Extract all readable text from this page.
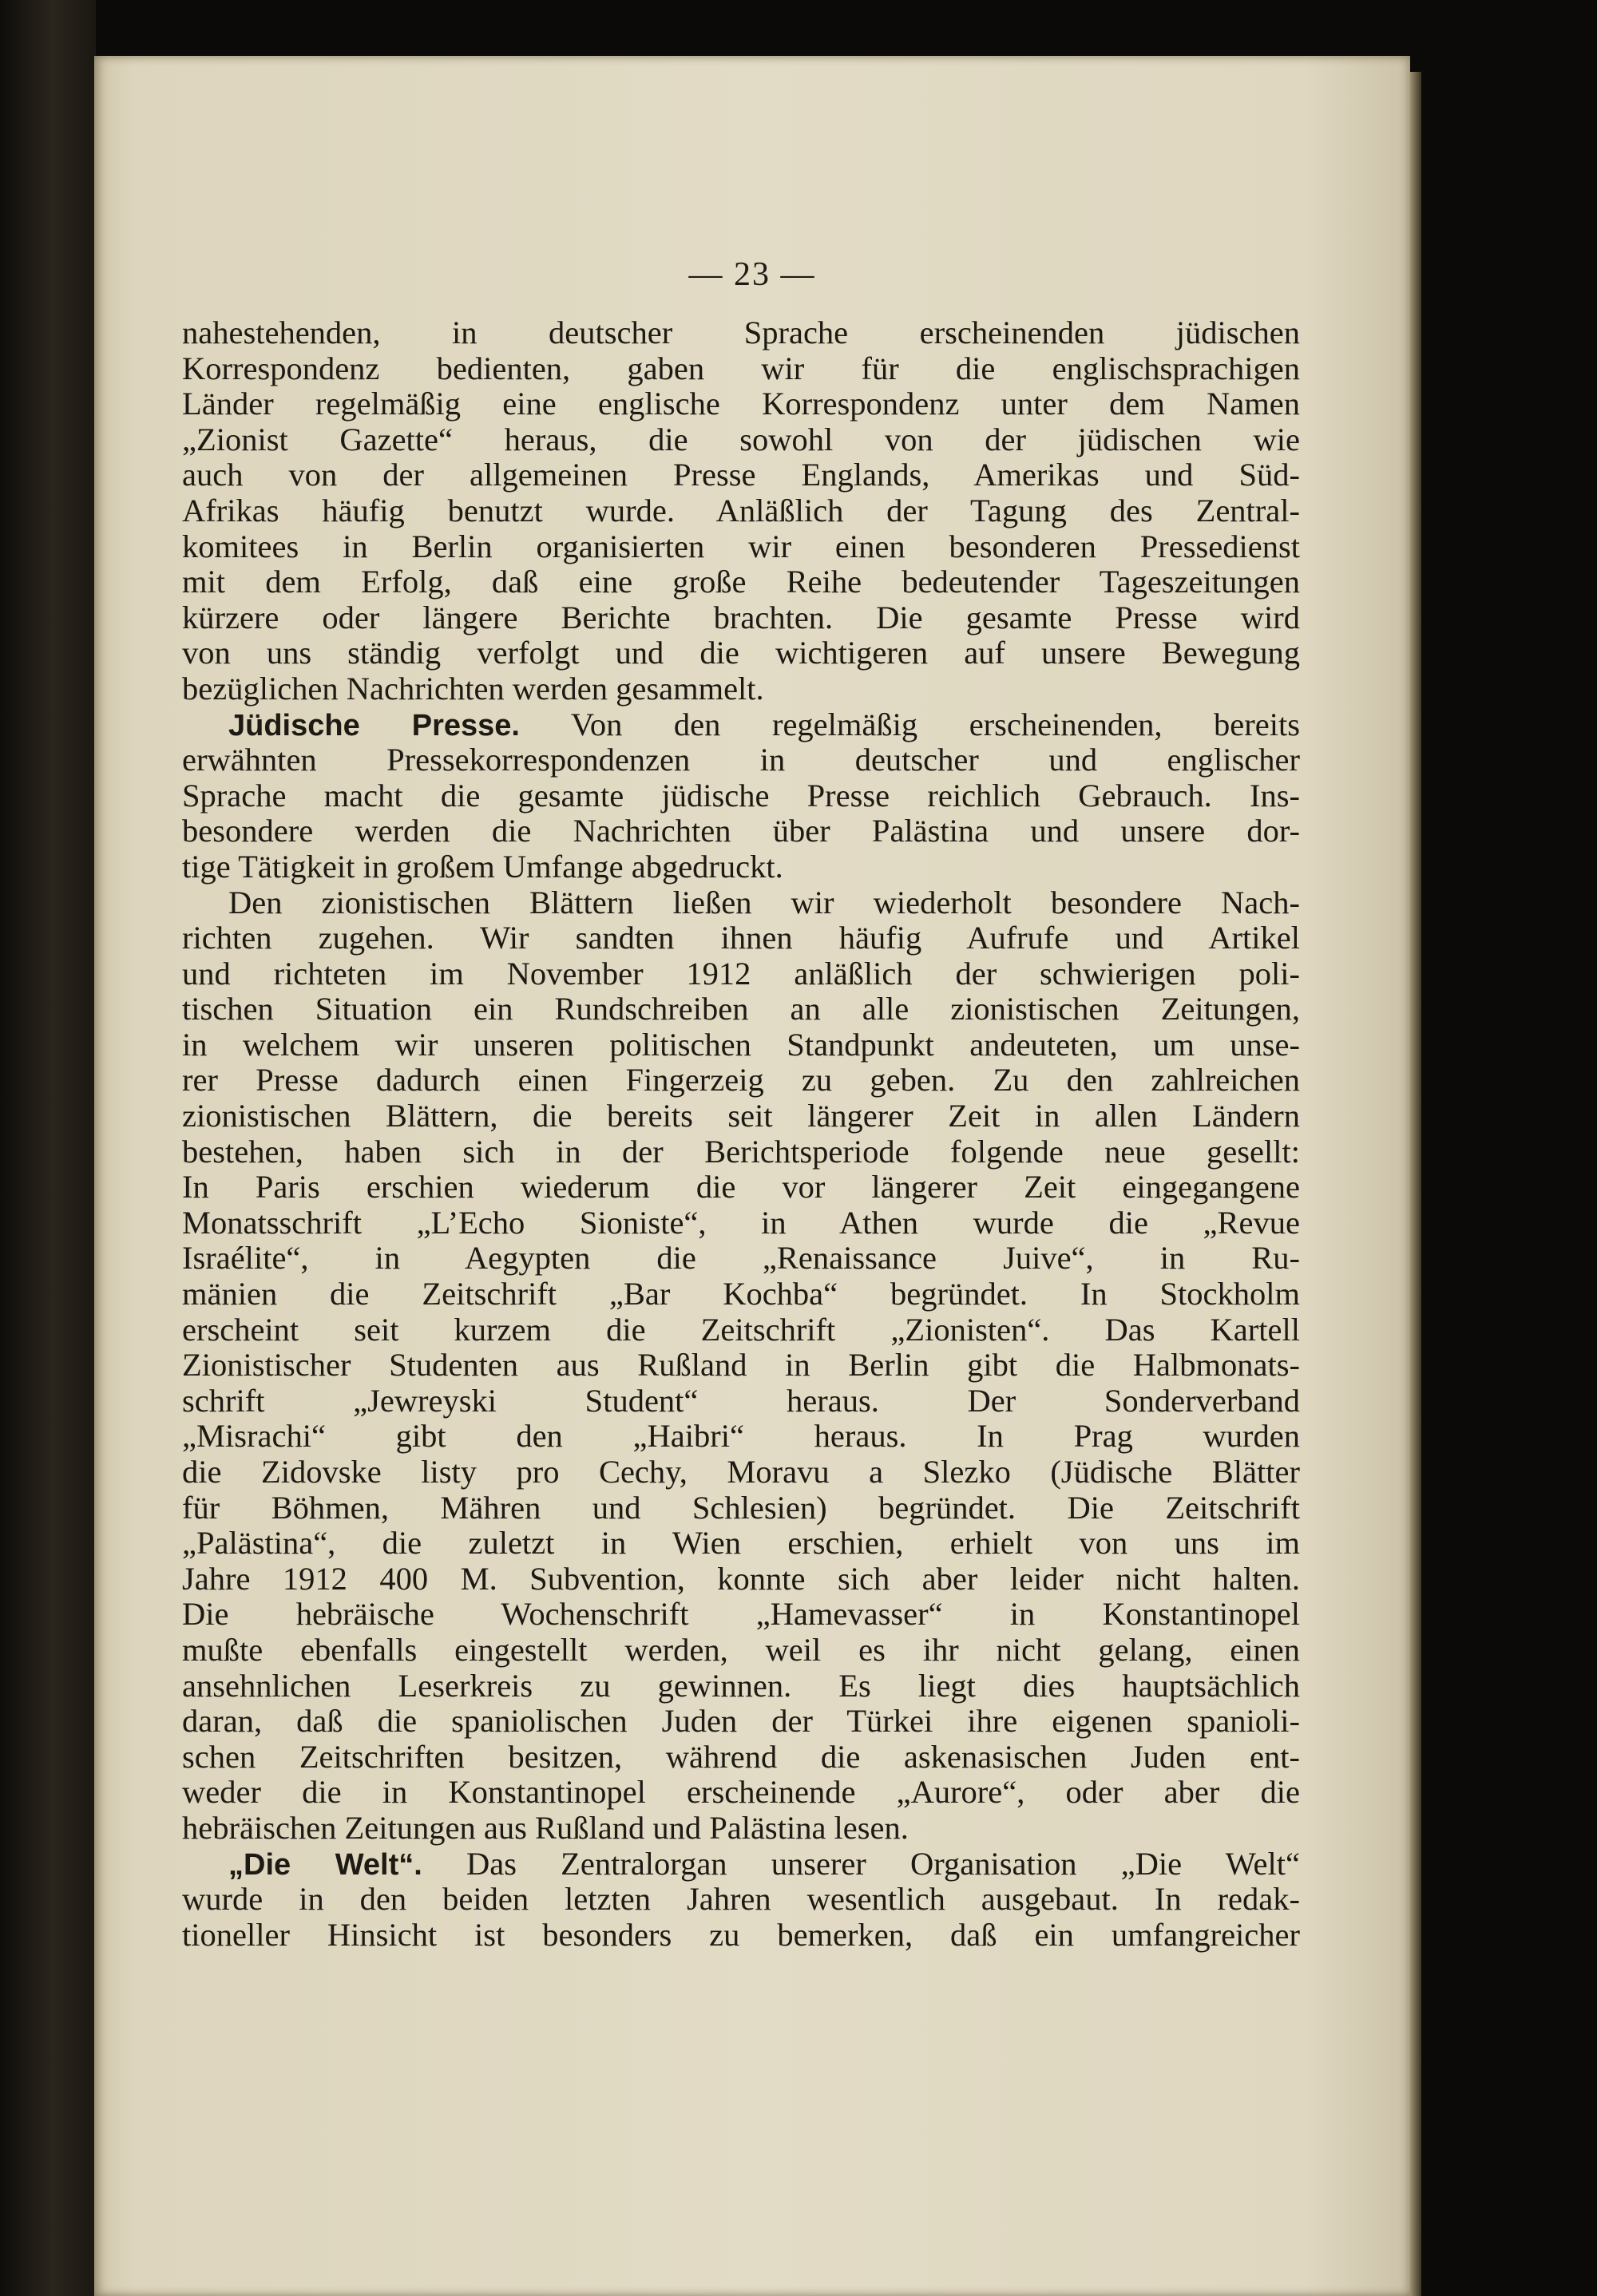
— 23 —
nahestehenden, in deutscher Sprache erscheinenden jüdischen
Korrespondenz bedienten, gaben wir für die englischsprachigen
Länder regelmäßig eine englische Korrespondenz unter dem Namen
„Zionist Gazette“ heraus, die sowohl von der jüdischen wie
auch von der allgemeinen Presse Englands, Amerikas und Süd-
Afrikas häufig benutzt wurde. Anläßlich der Tagung des Zentral-
komitees in Berlin organisierten wir einen besonderen Pressedienst
mit dem Erfolg, daß eine große Reihe bedeutender Tageszeitungen
kürzere oder längere Berichte brachten. Die gesamte Presse wird
von uns ständig verfolgt und die wichtigeren auf unsere Bewegung
bezüglichen Nachrichten werden gesammelt.
Jüdische Presse. Von den regelmäßig erscheinenden, bereits
erwähnten Pressekorrespondenzen in deutscher und englischer
Sprache macht die gesamte jüdische Presse reichlich Gebrauch. Ins-
besondere werden die Nachrichten über Palästina und unsere dor-
tige Tätigkeit in großem Umfange abgedruckt.
Den zionistischen Blättern ließen wir wiederholt besondere Nach-
richten zugehen. Wir sandten ihnen häufig Aufrufe und Artikel
und richteten im November 1912 anläßlich der schwierigen poli-
tischen Situation ein Rundschreiben an alle zionistischen Zeitungen,
in welchem wir unseren politischen Standpunkt andeuteten, um unse-
rer Presse dadurch einen Fingerzeig zu geben. Zu den zahlreichen
zionistischen Blättern, die bereits seit längerer Zeit in allen Ländern
bestehen, haben sich in der Berichtsperiode folgende neue gesellt:
In Paris erschien wiederum die vor längerer Zeit eingegangene
Monatsschrift „L’Echo Sioniste“, in Athen wurde die „Revue
Israélite“, in Aegypten die „Renaissance Juive“, in Ru-
mänien die Zeitschrift „Bar Kochba“ begründet. In Stockholm
erscheint seit kurzem die Zeitschrift „Zionisten“. Das Kartell
Zionistischer Studenten aus Rußland in Berlin gibt die Halbmonats-
schrift „Jewreyski Student“ heraus. Der Sonderverband
„Misrachi“ gibt den „Haibri“ heraus. In Prag wurden
die Zidovske listy pro Cechy, Moravu a Slezko (Jüdische Blätter
für Böhmen, Mähren und Schlesien) begründet. Die Zeitschrift
„Palästina“, die zuletzt in Wien erschien, erhielt von uns im
Jahre 1912 400 M. Subvention, konnte sich aber leider nicht halten.
Die hebräische Wochenschrift „Hamevasser“ in Konstantinopel
mußte ebenfalls eingestellt werden, weil es ihr nicht gelang, einen
ansehnlichen Leserkreis zu gewinnen. Es liegt dies hauptsächlich
daran, daß die spaniolischen Juden der Türkei ihre eigenen spanioli-
schen Zeitschriften besitzen, während die askenasischen Juden ent-
weder die in Konstantinopel erscheinende „Aurore“, oder aber die
hebräischen Zeitungen aus Rußland und Palästina lesen.
„Die Welt“. Das Zentralorgan unserer Organisation „Die Welt“
wurde in den beiden letzten Jahren wesentlich ausgebaut. In redak-
tioneller Hinsicht ist besonders zu bemerken, daß ein umfangreicher
